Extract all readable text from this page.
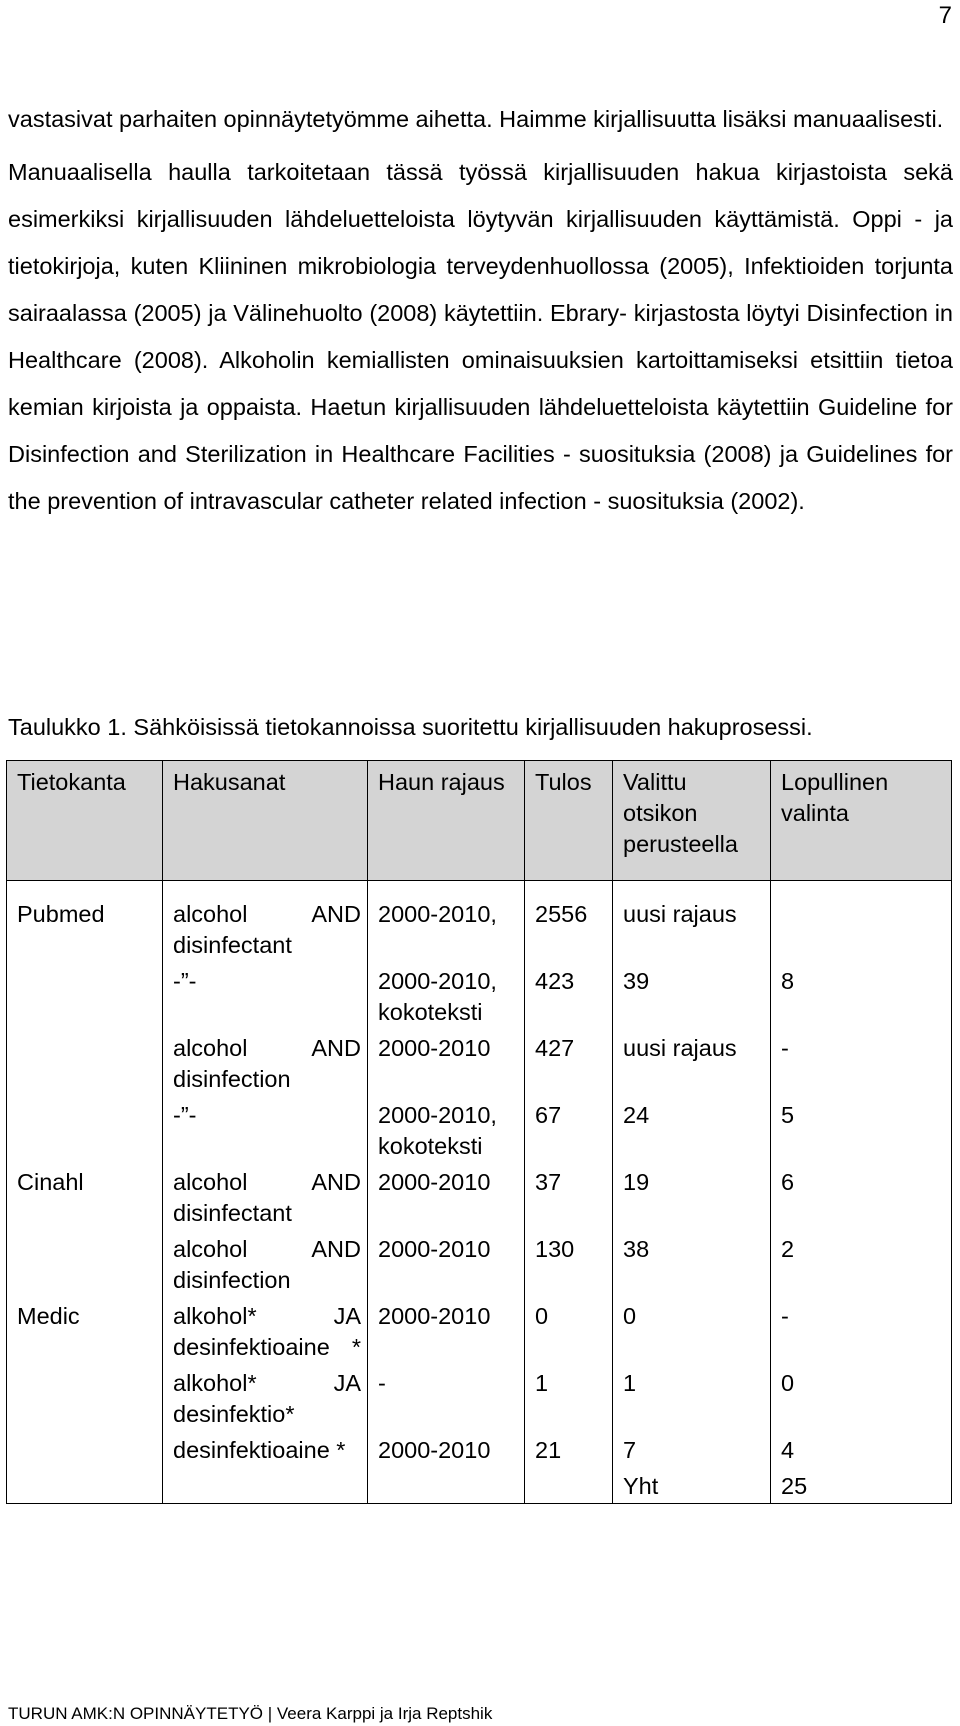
7

vastasivat parhaiten opinnäytetyömme aihetta. Haimme kirjallisuutta lisäksi manuaalisesti.

Manuaalisella haulla tarkoitetaan tässä työssä kirjallisuuden hakua kirjastoista sekä esimerkiksi kirjallisuuden lähdeluetteloista löytyvän kirjallisuuden käyttämistä. Oppi - ja tietokirjoja, kuten Kliininen mikrobiologia terveydenhuollossa (2005), Infektioiden torjunta sairaalassa (2005) ja Välinehuolto (2008) käytettiin. Ebrary- kirjastosta löytyi Disinfection in Healthcare (2008). Alkoholin kemiallisten ominaisuuksien kartoittamiseksi etsittiin tietoa kemian kirjoista ja oppaista. Haetun kirjallisuuden lähdeluetteloista käytettiin Guideline for Disinfection and Sterilization in Healthcare Facilities - suosituksia (2008) ja Guidelines for the prevention of intravascular catheter related infection - suosituksia (2002).

Taulukko 1. Sähköisissä tietokannoissa suoritettu kirjallisuuden hakuprosessi.
Tietokanta	Hakusanat	Haun rajaus	Tulos	Valittu otsikon perusteella	Lopullinen valinta
Pubmed	alcohol AND disinfectant	2000-2010,	2556	uusi rajaus	
	-”-	2000-2010, kokoteksti	423	39	8

	alcohol AND disinfection	2000-2010	427	uusi rajaus	-
	-”-	2000-2010, kokoteksti	67	24	5
Cinahl	alcohol AND disinfectant	2000-2010	37	19	6

	alcohol AND disinfection	2000-2010	130	38	2
Medic	alkohol* JA desinfektioaine *	2000-2010	0	0	-

	alkohol* JA desinfektio*	-	1	1	0
	desinfektioaine *	2000-2010	21	7	4
				Yht	25
TURUN AMK:N OPINNÄYTETYÖ | Veera Karppi ja Irja Reptshik
